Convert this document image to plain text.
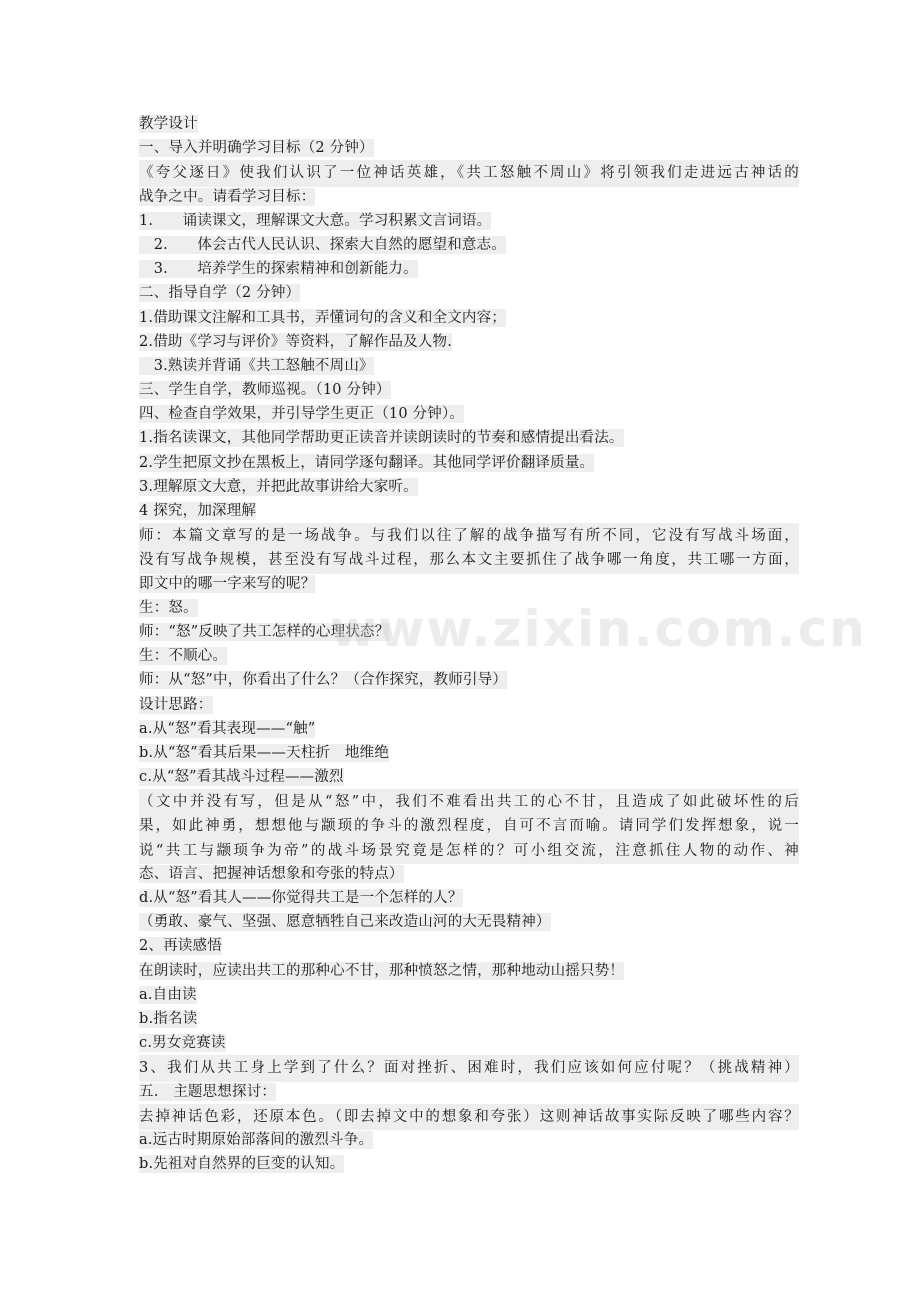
教学设计
一、导入并明确学习目标（2 分钟）
《夸父逐日》使我们认识了一位神话英雄，《共工怒触不周山》将引领我们走进远古神话的
战争之中。请看学习目标：
1.　　诵读课文，理解课文大意。学习积累文言词语。
　2.　　体会古代人民认识、探索大自然的愿望和意志。
　3.　　培养学生的探索精神和创新能力。
二、指导自学（2 分钟）
1.借助课文注解和工具书，弄懂词句的含义和全文内容；
2.借助《学习与评价》等资料，了解作品及人物.
　3.熟读并背诵《共工怒触不周山》
三、学生自学，教师巡视。（10 分钟）
四、检查自学效果，并引导学生更正（10 分钟）。
1.指名读课文，其他同学帮助更正读音并读朗读时的节奏和感情提出看法。
2.学生把原文抄在黑板上，请同学逐句翻译。其他同学评价翻译质量。
3.理解原文大意，并把此故事讲给大家听。
4 探究，加深理解
师：本篇文章写的是一场战争。与我们以往了解的战争描写有所不同，它没有写战斗场面，
没有写战争规模，甚至没有写战斗过程，那么本文主要抓住了战争哪一角度，共工哪一方面，
即文中的哪一字来写的呢？
生：怒。
师：“怒”反映了共工怎样的心理状态？
生：不顺心。
师：从“怒”中，你看出了什么？（合作探究，教师引导）
设计思路：
a.从“怒”看其表现——“触”
b.从“怒”看其后果——天柱折　地维绝
c.从“怒”看其战斗过程——激烈
（文中并没有写，但是从“怒”中，我们不难看出共工的心不甘，且造成了如此破坏性的后
果，如此神勇，想想他与颛顼的争斗的激烈程度，自可不言而喻。请同学们发挥想象，说一
说“共工与颛顼争为帝”的战斗场景究竟是怎样的？可小组交流，注意抓住人物的动作、神
态、语言、把握神话想象和夸张的特点）
d.从“怒”看其人——你觉得共工是一个怎样的人？
（勇敢、豪气、坚强、愿意牺牲自己来改造山河的大无畏精神）
2、再读感悟
在朗读时，应读出共工的那种心不甘，那种愤怒之情，那种地动山摇只势！
a.自由读
b.指名读
c.男女竞赛读
3、我们从共工身上学到了什么？面对挫折、困难时，我们应该如何应付呢？（挑战精神）
五.　主题思想探讨：
去掉神话色彩，还原本色。（即去掉文中的想象和夸张）这则神话故事实际反映了哪些内容？
a.远古时期原始部落间的激烈斗争。
b.先祖对自然界的巨变的认知。
www.zixin.com.cn
